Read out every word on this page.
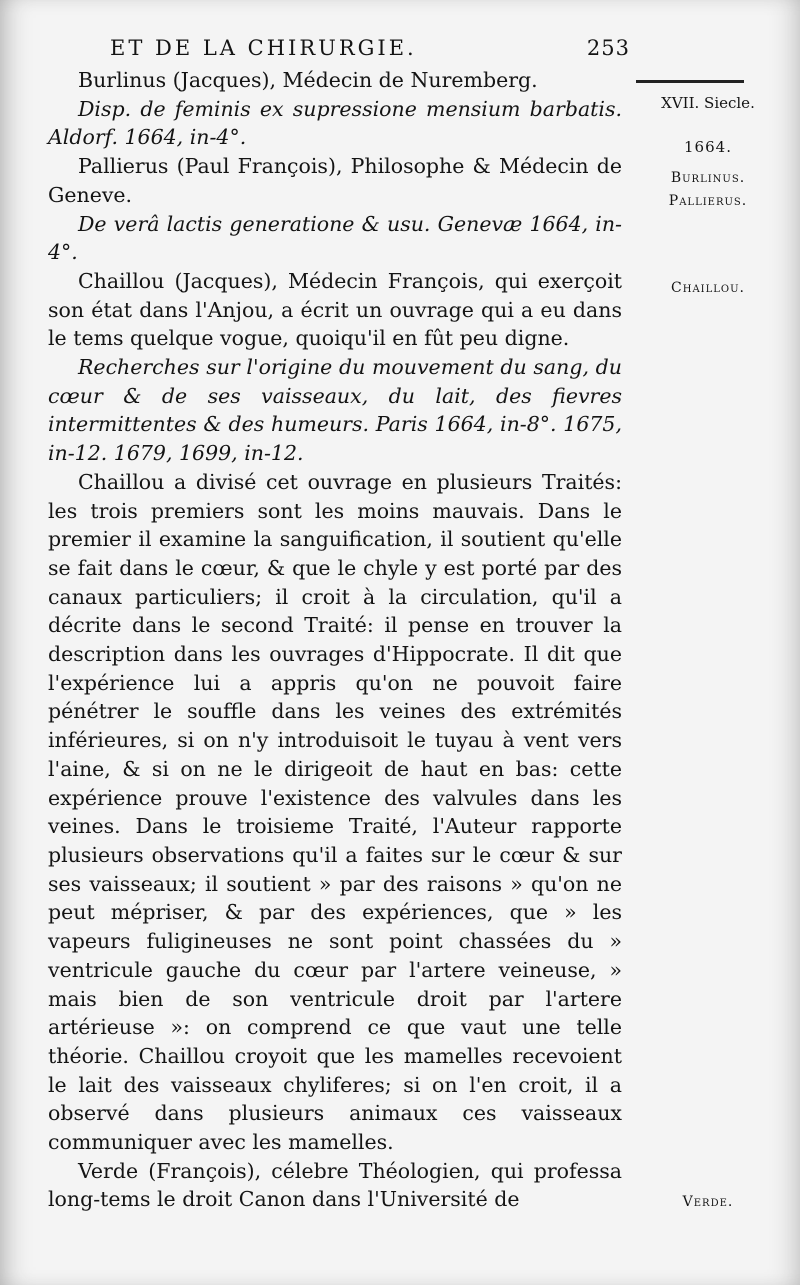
ET DE LA CHIRURGIE.	253
XVII. Siecle.
1664.
Burlinus.
Pallierus.
Chaillou.
Verde.

Burlinus (Jacques), Médecin de Nuremberg.

Disp. de feminis ex supressione mensium barbatis. Aldorf. 1664, in-4°.

Pallierus (Paul François), Philosophe & Médecin de Geneve.

De verâ lactis generatione & usu. Genevæ 1664, in-4°.

Chaillou (Jacques), Médecin François, qui exerçoit son état dans l'Anjou, a écrit un ouvrage qui a eu dans le tems quelque vogue, quoiqu'il en fût peu digne.

Recherches sur l'origine du mouvement du sang, du cœur & de ses vaisseaux, du lait, des fievres intermittentes & des humeurs. Paris 1664, in-8°. 1675, in-12. 1679, 1699, in-12.

Chaillou a divisé cet ouvrage en plusieurs Traités: les trois premiers sont les moins mauvais. Dans le premier il examine la sanguification, il soutient qu'elle se fait dans le cœur, & que le chyle y est porté par des canaux particuliers; il croit à la circulation, qu'il a décrite dans le second Traité: il pense en trouver la description dans les ouvrages d'Hippocrate. Il dit que l'expérience lui a appris qu'on ne pouvoit faire pénétrer le souffle dans les veines des extrémités inférieures, si on n'y introduisoit le tuyau à vent vers l'aine, & si on ne le dirigeoit de haut en bas: cette expérience prouve l'existence des valvules dans les veines. Dans le troisieme Traité, l'Auteur rapporte plusieurs observations qu'il a faites sur le cœur & sur ses vaisseaux; il soutient » par des raisons » qu'on ne peut mépriser, & par des expériences, que » les vapeurs fuligineuses ne sont point chassées du » ventricule gauche du cœur par l'artere veineuse, » mais bien de son ventricule droit par l'artere artérieuse »: on comprend ce que vaut une telle théorie. Chaillou croyoit que les mamelles recevoient le lait des vaisseaux chyliferes; si on l'en croit, il a observé dans plusieurs animaux ces vaisseaux communiquer avec les mamelles.

Verde (François), célebre Théologien, qui professa long-tems le droit Canon dans l'Université de
